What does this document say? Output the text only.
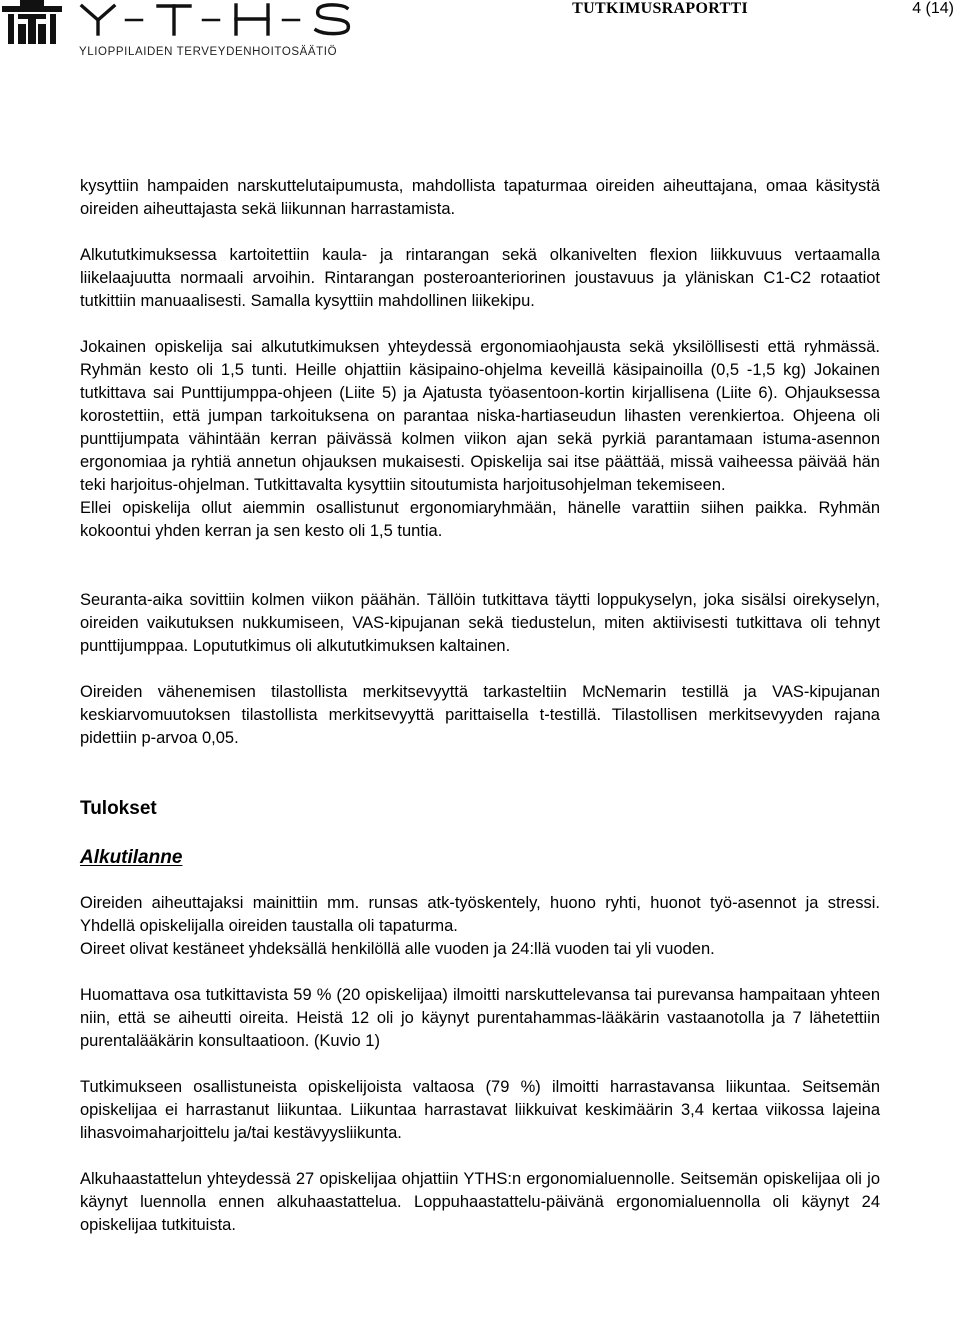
YLIOPPILAIDEN TERVEYDENHOITOSÄÄTIÖ
TUTKIMUSRAPORTTI	4 (14)

kysyttiin hampaiden narskuttelutaipumusta, mahdollista tapaturmaa oireiden aiheuttajana, omaa käsitystä oireiden aiheuttajasta sekä liikunnan harrastamista.

Alkututkimuksessa kartoitettiin kaula- ja rintarangan sekä olkanivelten flexion liikkuvuus vertaamalla liikelaajuutta normaali arvoihin. Rintarangan posteroanteriorinen joustavuus ja yläniskan C1-C2 rotaatiot tutkittiin manuaalisesti. Samalla kysyttiin mahdollinen liikekipu.

Jokainen opiskelija sai alkututkimuksen yhteydessä ergonomiaohjausta sekä yksilöllisesti että ryhmässä. Ryhmän kesto oli 1,5 tunti. Heille ohjattiin käsipaino-ohjelma keveillä käsipainoilla (0,5 -1,5 kg) Jokainen tutkittava sai Punttijumppa-ohjeen (Liite 5) ja Ajatusta työasentoon-kortin kirjallisena (Liite 6). Ohjauksessa korostettiin, että jumpan tarkoituksena on parantaa niska-hartiaseudun lihasten verenkiertoa. Ohjeena oli punttijumpata vähintään kerran päivässä kolmen viikon ajan sekä pyrkiä parantamaan istuma-asennon ergonomiaa ja ryhtiä annetun ohjauksen mukaisesti. Opiskelija sai itse päättää, missä vaiheessa päivää hän teki harjoitus-ohjelman. Tutkittavalta kysyttiin sitoutumista harjoitusohjelman tekemiseen.

Ellei opiskelija ollut aiemmin osallistunut ergonomiaryhmään, hänelle varattiin siihen paikka. Ryhmän kokoontui yhden kerran ja sen kesto oli 1,5 tuntia.

Seuranta-aika sovittiin kolmen viikon päähän. Tällöin tutkittava täytti loppukyselyn, joka sisälsi oirekyselyn, oireiden vaikutuksen nukkumiseen, VAS-kipujanan sekä tiedustelun, miten aktiivisesti tutkittava oli tehnyt punttijumppaa. Lopututkimus oli alkututkimuksen kaltainen.

Oireiden vähenemisen tilastollista merkitsevyyttä tarkasteltiin McNemarin testillä ja VAS-kipujanan keskiarvomuutoksen tilastollista merkitsevyyttä parittaisella t-testillä. Tilastollisen merkitsevyyden rajana pidettiin p-arvoa 0,05.

Tulokset
Alkutilanne

Oireiden aiheuttajaksi mainittiin mm. runsas atk-työskentely, huono ryhti, huonot työ-asennot ja stressi. Yhdellä opiskelijalla oireiden taustalla oli tapaturma.

Oireet olivat kestäneet yhdeksällä henkilöllä alle vuoden ja 24:llä vuoden tai yli vuoden.

Huomattava osa tutkittavista 59 % (20 opiskelijaa) ilmoitti narskuttelevansa tai purevansa hampaitaan yhteen niin, että se aiheutti oireita. Heistä 12 oli jo käynyt purentahammas-lääkärin vastaanotolla ja 7 lähetettiin purentalääkärin konsultaatioon. (Kuvio 1)

Tutkimukseen osallistuneista opiskelijoista valtaosa (79 %) ilmoitti harrastavansa liikuntaa. Seitsemän opiskelijaa ei harrastanut liikuntaa. Liikuntaa harrastavat liikkuivat keskimäärin 3,4 kertaa viikossa lajeina lihasvoimaharjoittelu ja/tai kestävyysliikunta.

Alkuhaastattelun yhteydessä 27 opiskelijaa ohjattiin YTHS:n ergonomialuennolle. Seitsemän opiskelijaa oli jo käynyt luennolla ennen alkuhaastattelua. Loppuhaastattelu-päivänä ergonomialuennolla oli käynyt 24 opiskelijaa tutkituista.
